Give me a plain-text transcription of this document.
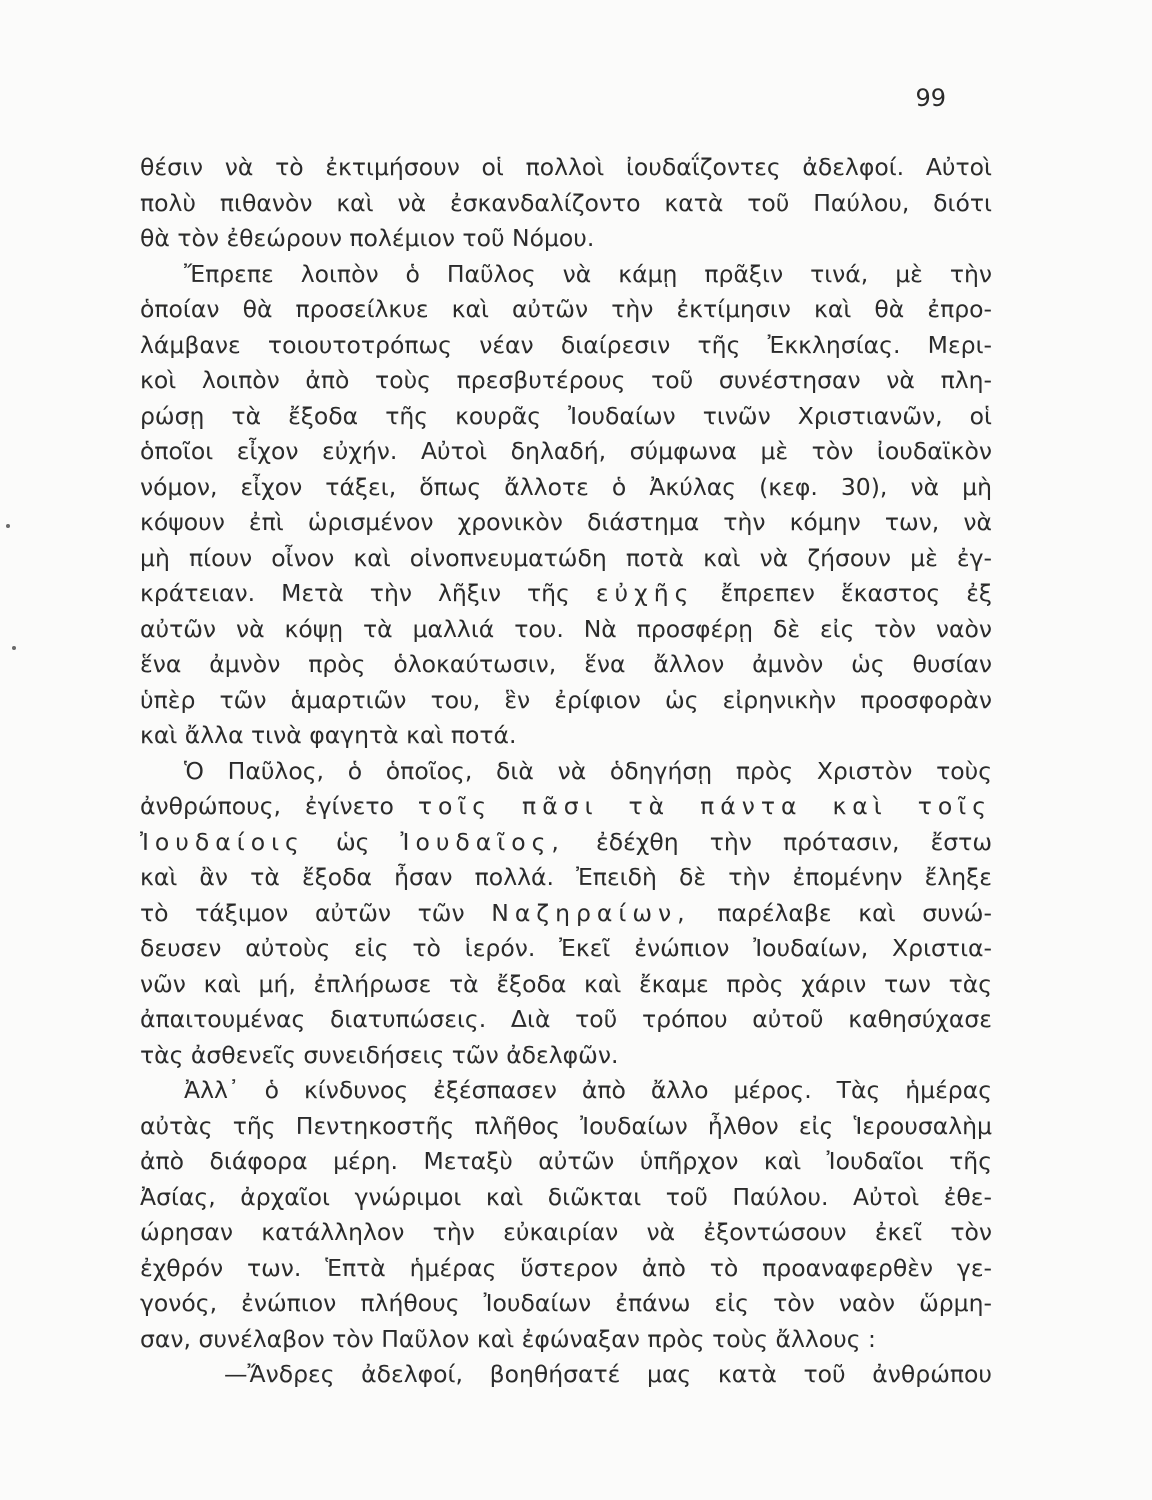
99
θέσιν νὰ τὸ ἐκτιμήσουν οἱ πολλοὶ ἰουδαΐζοντες ἀδελφοί. Αὐτοὶ
πολὺ πιθανὸν καὶ νὰ ἐσκανδαλίζοντο κατὰ τοῦ Παύλου, διότι
θὰ τὸν ἐθεώρουν πολέμιον τοῦ Νόμου.
Ἔπρεπε λοιπὸν ὁ Παῦλος νὰ κάμῃ πρᾶξιν τινά, μὲ τὴν
ὁποίαν θὰ προσείλκυε καὶ αὐτῶν τὴν ἐκτίμησιν καὶ θὰ ἐπρο-
λάμβανε τοιουτοτρόπως νέαν διαίρεσιν τῆς Ἐκκλησίας. Μερι-
κοὶ λοιπὸν ἀπὸ τοὺς πρεσβυτέρους τοῦ συνέστησαν νὰ πλη-
ρώσῃ τὰ ἔξοδα τῆς κουρᾶς Ἰουδαίων τινῶν Χριστιανῶν, οἱ
ὁποῖοι εἶχον εὐχήν. Αὐτοὶ δηλαδή, σύμφωνα μὲ τὸν ἰουδαϊκὸν
νόμον, εἶχον τάξει, ὅπως ἄλλοτε ὁ Ἀκύλας (κεφ. 30), νὰ μὴ
κόψουν ἐπὶ ὡρισμένον χρονικὸν διάστημα τὴν κόμην των, νὰ
μὴ πίουν οἶνον καὶ οἰνοπνευματώδη ποτὰ καὶ νὰ ζήσουν μὲ ἐγ-
κράτειαν. Μετὰ τὴν λῆξιν τῆς εὐχῆς ἔπρεπεν ἕκαστος ἐξ
αὐτῶν νὰ κόψῃ τὰ μαλλιά του. Νὰ προσφέρῃ δὲ εἰς τὸν ναὸν
ἕνα ἀμνὸν πρὸς ὁλοκαύτωσιν, ἕνα ἄλλον ἀμνὸν ὡς θυσίαν
ὑπὲρ τῶν ἁμαρτιῶν του, ἓν ἐρίφιον ὡς εἰρηνικὴν προσφορὰν
καὶ ἄλλα τινὰ φαγητὰ καὶ ποτά.
Ὁ Παῦλος, ὁ ὁποῖος, διὰ νὰ ὁδηγήσῃ πρὸς Χριστὸν τοὺς
ἀνθρώπους, ἐγίνετο τοῖς πᾶσι τὰ πάντα καὶ τοῖς
Ἰουδαίοις ὡς Ἰουδαῖος, ἐδέχθη τὴν πρότασιν, ἔστω
καὶ ἂν τὰ ἔξοδα ἦσαν πολλά. Ἐπειδὴ δὲ τὴν ἐπομένην ἔληξε
τὸ τάξιμον αὐτῶν τῶν Ναζηραίων, παρέλαβε καὶ συνώ-
δευσεν αὐτοὺς εἰς τὸ ἱερόν. Ἐκεῖ ἐνώπιον Ἰουδαίων, Χριστια-
νῶν καὶ μή, ἐπλήρωσε τὰ ἔξοδα καὶ ἔκαμε πρὸς χάριν των τὰς
ἀπαιτουμένας διατυπώσεις. Διὰ τοῦ τρόπου αὐτοῦ καθησύχασε
τὰς ἀσθενεῖς συνειδήσεις τῶν ἀδελφῶν.
Ἀλλ᾽ ὁ κίνδυνος ἐξέσπασεν ἀπὸ ἄλλο μέρος. Τὰς ἡμέρας
αὐτὰς τῆς Πεντηκοστῆς πλῆθος Ἰουδαίων ἦλθον εἰς Ἱερουσαλὴμ
ἀπὸ διάφορα μέρη. Μεταξὺ αὐτῶν ὑπῆρχον καὶ Ἰουδαῖοι τῆς
Ἀσίας, ἀρχαῖοι γνώριμοι καὶ διῶκται τοῦ Παύλου. Αὐτοὶ ἐθε-
ώρησαν κατάλληλον τὴν εὐκαιρίαν νὰ ἐξοντώσουν ἐκεῖ τὸν
ἐχθρόν των. Ἑπτὰ ἡμέρας ὕστερον ἀπὸ τὸ προαναφερθὲν γε-
γονός, ἐνώπιον πλήθους Ἰουδαίων ἐπάνω εἰς τὸν ναὸν ὥρμη-
σαν, συνέλαβον τὸν Παῦλον καὶ ἐφώναξαν πρὸς τοὺς ἄλλους :
—Ἄνδρες ἀδελφοί, βοηθήσατέ μας κατὰ τοῦ ἀνθρώπου
